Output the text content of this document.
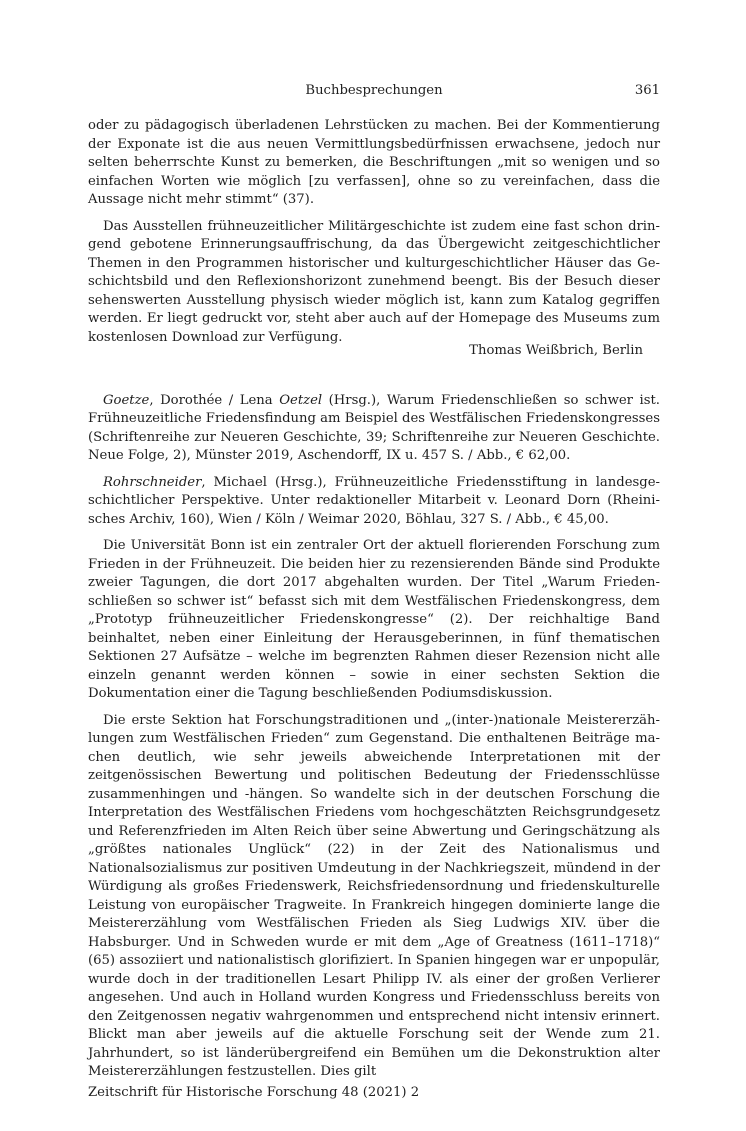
Buchbesprechungen	361

oder zu pädagogisch überladenen Lehrstücken zu machen. Bei der Kommentierung der Exponate ist die aus neuen Vermittlungsbedürfnissen erwachsene, jedoch nur selten beherrschte Kunst zu bemerken, die Beschriftungen „mit so wenigen und so einfachen Worten wie möglich [zu verfassen], ohne so zu vereinfachen, dass die Aussage nicht mehr stimmt“ (37).

Das Ausstellen frühneuzeitlicher Militärgeschichte ist zudem eine fast schon dringend gebotene Erinnerungsauffrischung, da das Übergewicht zeitgeschichtlicher Themen in den Programmen historischer und kulturgeschichtlicher Häuser das Geschichtsbild und den Reflexionshorizont zunehmend beengt. Bis der Besuch dieser sehenswerten Ausstellung physisch wieder möglich ist, kann zum Katalog gegriffen werden. Er liegt gedruckt vor, steht aber auch auf der Homepage des Museums zum kostenlosen Download zur Verfügung.

Thomas Weißbrich, Berlin

Goetze, Dorothée / Lena Oetzel (Hrsg.), Warum Friedenschließen so schwer ist. Frühneuzeitliche Friedensfindung am Beispiel des Westfälischen Friedenskongresses (Schriftenreihe zur Neueren Geschichte, 39; Schriftenreihe zur Neueren Geschichte. Neue Folge, 2), Münster 2019, Aschendorff, IX u. 457 S. / Abb., € 62,00.

Rohrschneider, Michael (Hrsg.), Frühneuzeitliche Friedensstiftung in landesgeschichtlicher Perspektive. Unter redaktioneller Mitarbeit v. Leonard Dorn (Rheinisches Archiv, 160), Wien / Köln / Weimar 2020, Böhlau, 327 S. / Abb., € 45,00.

Die Universität Bonn ist ein zentraler Ort der aktuell florierenden Forschung zum Frieden in der Frühneuzeit. Die beiden hier zu rezensierenden Bände sind Produkte zweier Tagungen, die dort 2017 abgehalten wurden. Der Titel „Warum Friedenschließen so schwer ist“ befasst sich mit dem Westfälischen Friedenskongress, dem „Prototyp frühneuzeitlicher Friedenskongresse“ (2). Der reichhaltige Band beinhaltet, neben einer Einleitung der Herausgeberinnen, in fünf thematischen Sektionen 27 Aufsätze – welche im begrenzten Rahmen dieser Rezension nicht alle einzeln genannt werden können – sowie in einer sechsten Sektion die Dokumentation einer die Tagung beschließenden Podiumsdiskussion.

Die erste Sektion hat Forschungstraditionen und „(inter-)nationale Meistererzählungen zum Westfälischen Frieden“ zum Gegenstand. Die enthaltenen Beiträge machen deutlich, wie sehr jeweils abweichende Interpretationen mit der zeitgenössischen Bewertung und politischen Bedeutung der Friedensschlüsse zusammenhingen und -hängen. So wandelte sich in der deutschen Forschung die Interpretation des Westfälischen Friedens vom hochgeschätzten Reichsgrundgesetz und Referenzfrieden im Alten Reich über seine Abwertung und Geringschätzung als „größtes nationales Unglück“ (22) in der Zeit des Nationalismus und Nationalsozialismus zur positiven Umdeutung in der Nachkriegszeit, mündend in der Würdigung als großes Friedenswerk, Reichsfriedensordnung und friedenskulturelle Leistung von europäischer Tragweite. In Frankreich hingegen dominierte lange die Meistererzählung vom Westfälischen Frieden als Sieg Ludwigs XIV. über die Habsburger. Und in Schweden wurde er mit dem „Age of Greatness (1611–1718)“ (65) assoziiert und nationalistisch glorifiziert. In Spanien hingegen war er unpopulär, wurde doch in der traditionellen Lesart Philipp IV. als einer der großen Verlierer angesehen. Und auch in Holland wurden Kongress und Friedensschluss bereits von den Zeitgenossen negativ wahrgenommen und entsprechend nicht intensiv erinnert. Blickt man aber jeweils auf die aktuelle Forschung seit der Wende zum 21. Jahrhundert, so ist länderübergreifend ein Bemühen um die Dekonstruktion alter Meistererzählungen festzustellen. Dies gilt

Zeitschrift für Historische Forschung 48 (2021) 2
